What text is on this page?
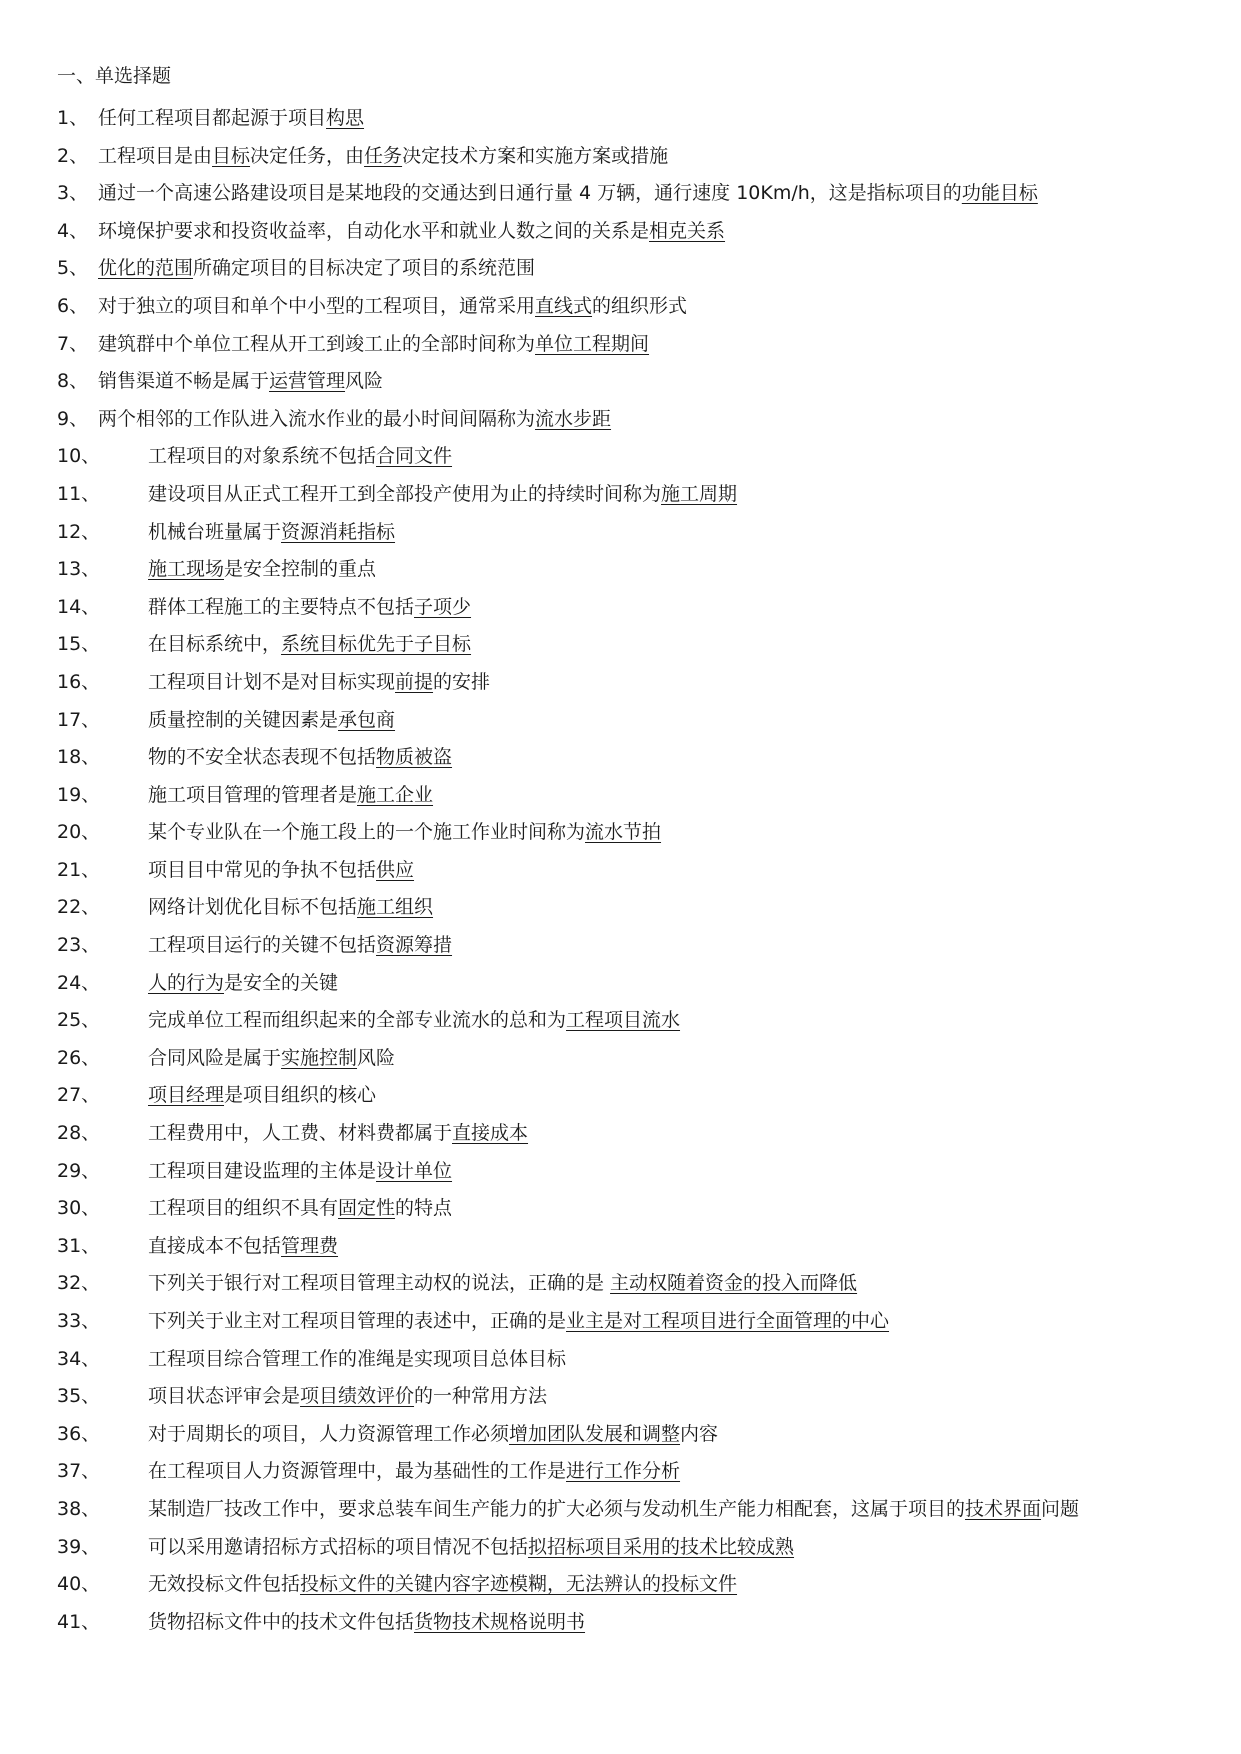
一、单选择题
1、 任何工程项目都起源于项目构思
2、 工程项目是由目标决定任务，由任务决定技术方案和实施方案或措施
3、 通过一个高速公路建设项目是某地段的交通达到日通行量 4 万辆，通行速度 10Km/h，这是指标项目的功能目标
4、 环境保护要求和投资收益率，自动化水平和就业人数之间的关系是相克关系
5、 优化的范围所确定项目的目标决定了项目的系统范围
6、 对于独立的项目和单个中小型的工程项目，通常采用直线式的组织形式
7、 建筑群中个单位工程从开工到竣工止的全部时间称为单位工程期间
8、 销售渠道不畅是属于运营管理风险
9、 两个相邻的工作队进入流水作业的最小时间间隔称为流水步距
10、	工程项目的对象系统不包括合同文件
11、	建设项目从正式工程开工到全部投产使用为止的持续时间称为施工周期
12、	机械台班量属于资源消耗指标
13、	施工现场是安全控制的重点
14、	群体工程施工的主要特点不包括子项少
15、	在目标系统中，系统目标优先于子目标
16、	工程项目计划不是对目标实现前提的安排
17、	质量控制的关键因素是承包商
18、	物的不安全状态表现不包括物质被盗
19、	施工项目管理的管理者是施工企业
20、	某个专业队在一个施工段上的一个施工作业时间称为流水节拍
21、	项目目中常见的争执不包括供应
22、	网络计划优化目标不包括施工组织
23、	工程项目运行的关键不包括资源筹措
24、	人的行为是安全的关键
25、	完成单位工程而组织起来的全部专业流水的总和为工程项目流水
26、	合同风险是属于实施控制风险
27、	项目经理是项目组织的核心
28、	工程费用中，人工费、材料费都属于直接成本
29、	工程项目建设监理的主体是设计单位
30、	工程项目的组织不具有固定性的特点
31、	直接成本不包括管理费
32、	下列关于银行对工程项目管理主动权的说法，正确的是 主动权随着资金的投入而降低
33、	下列关于业主对工程项目管理的表述中，正确的是业主是对工程项目进行全面管理的中心
34、	工程项目综合管理工作的准绳是实现项目总体目标
35、	项目状态评审会是项目绩效评价的一种常用方法
36、	对于周期长的项目，人力资源管理工作必须增加团队发展和调整内容
37、	在工程项目人力资源管理中，最为基础性的工作是进行工作分析
38、	某制造厂技改工作中，要求总装车间生产能力的扩大必须与发动机生产能力相配套，这属于项目的技术界面问题
39、	可以采用邀请招标方式招标的项目情况不包括拟招标项目采用的技术比较成熟
40、	无效投标文件包括投标文件的关键内容字迹模糊，无法辨认的投标文件
41、	货物招标文件中的技术文件包括货物技术规格说明书
